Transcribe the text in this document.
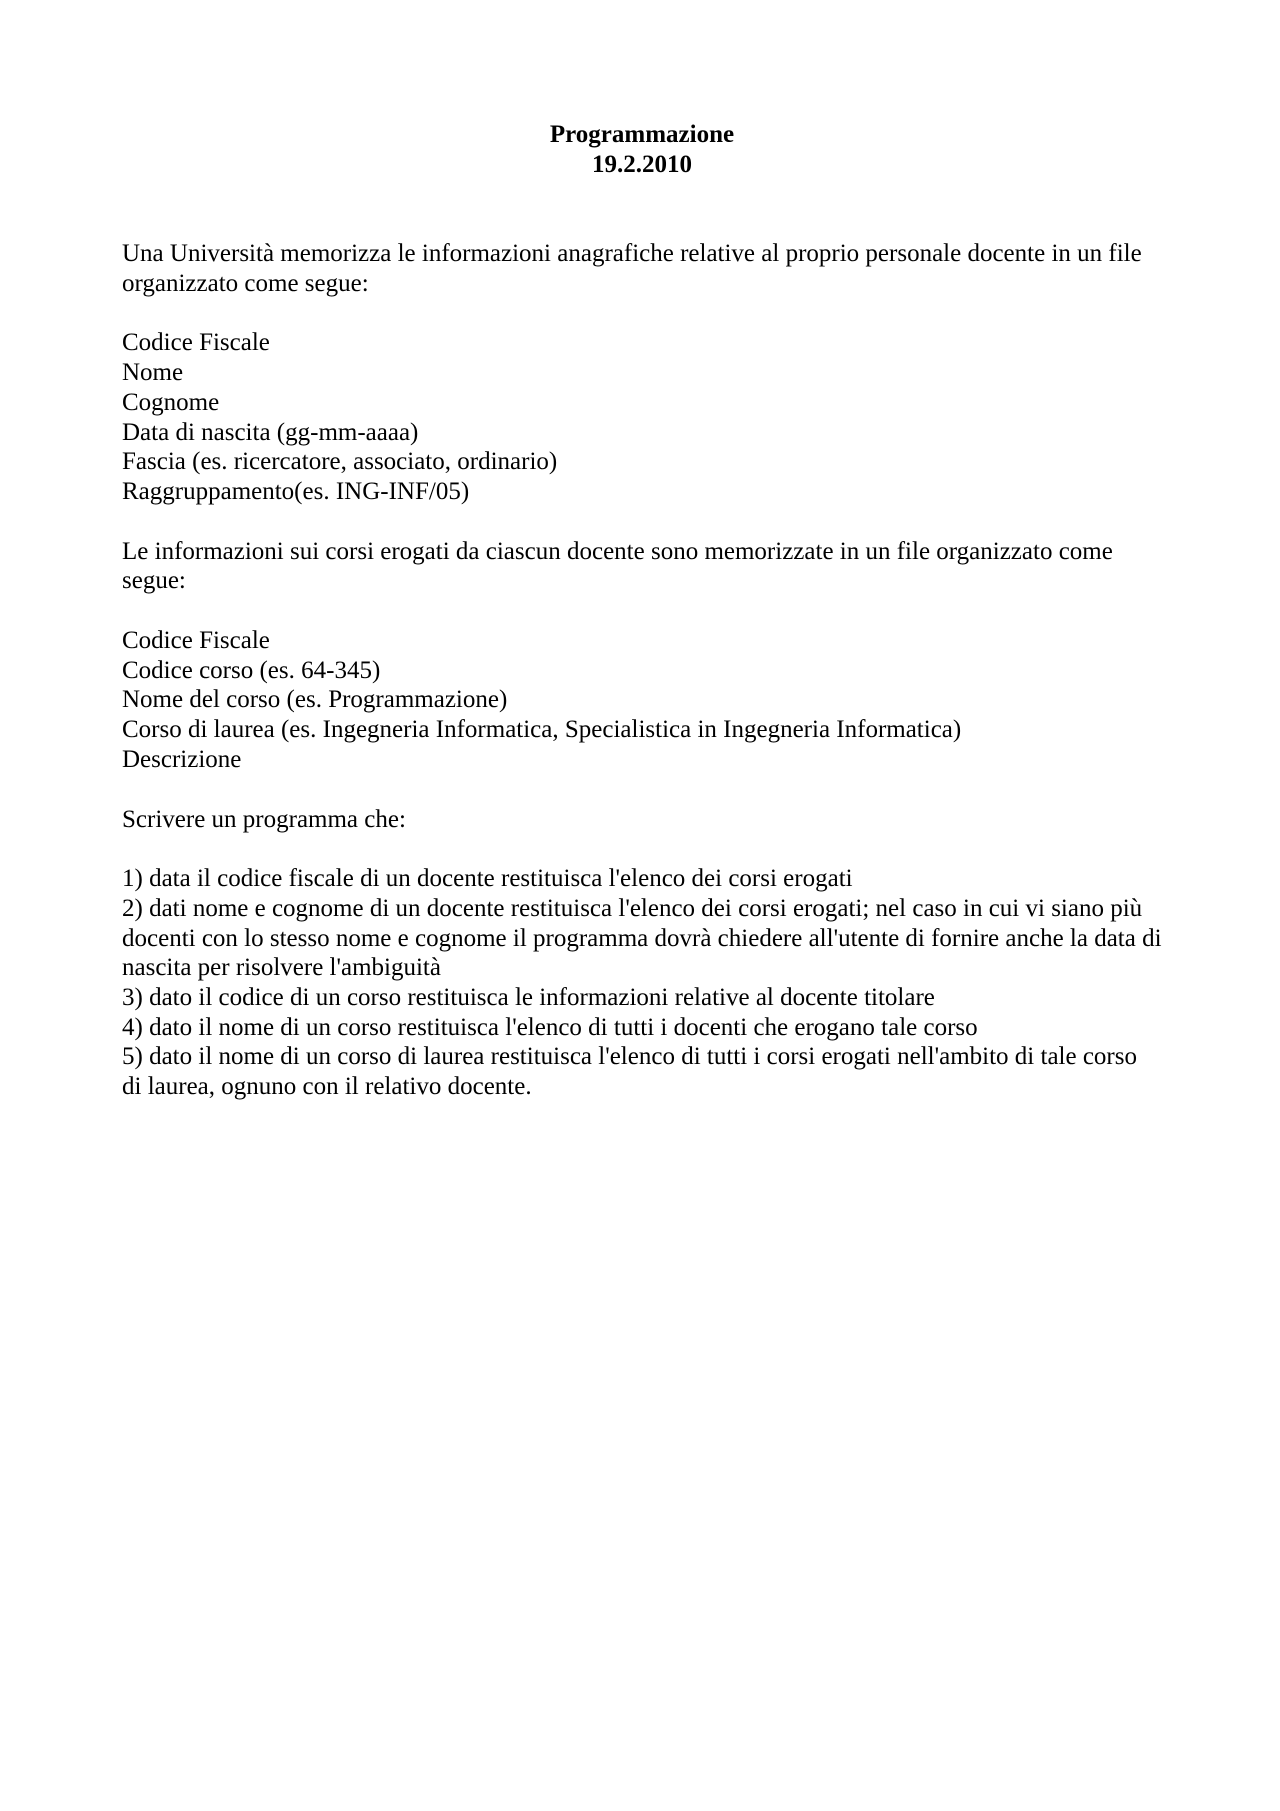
Programmazione
19.2.2010

Una Università memorizza le informazioni anagrafiche relative al proprio personale docente in un file organizzato come segue:

Codice Fiscale
Nome
Cognome
Data di nascita (gg-mm-aaaa)
Fascia (es. ricercatore, associato, ordinario)
Raggruppamento(es. ING-INF/05)

Le informazioni sui corsi erogati da ciascun docente sono memorizzate in un file organizzato come segue:

Codice Fiscale
Codice corso (es. 64-345)
Nome del corso (es. Programmazione)
Corso di laurea (es. Ingegneria Informatica, Specialistica in Ingegneria Informatica)
Descrizione

Scrivere un programma che:

1) data il codice fiscale di un docente restituisca l'elenco dei corsi erogati
2) dati nome e cognome di un docente restituisca l'elenco dei corsi erogati; nel caso in cui vi siano più docenti con lo stesso nome e cognome il programma dovrà chiedere all'utente di fornire anche la data di nascita per risolvere l'ambiguità
3) dato il codice di un corso restituisca le informazioni relative al docente titolare
4) dato il nome di un corso restituisca l'elenco di tutti i docenti che erogano tale corso
5) dato il nome di un corso di laurea restituisca l'elenco di tutti i corsi erogati nell'ambito di tale corso di laurea, ognuno con il relativo docente.
